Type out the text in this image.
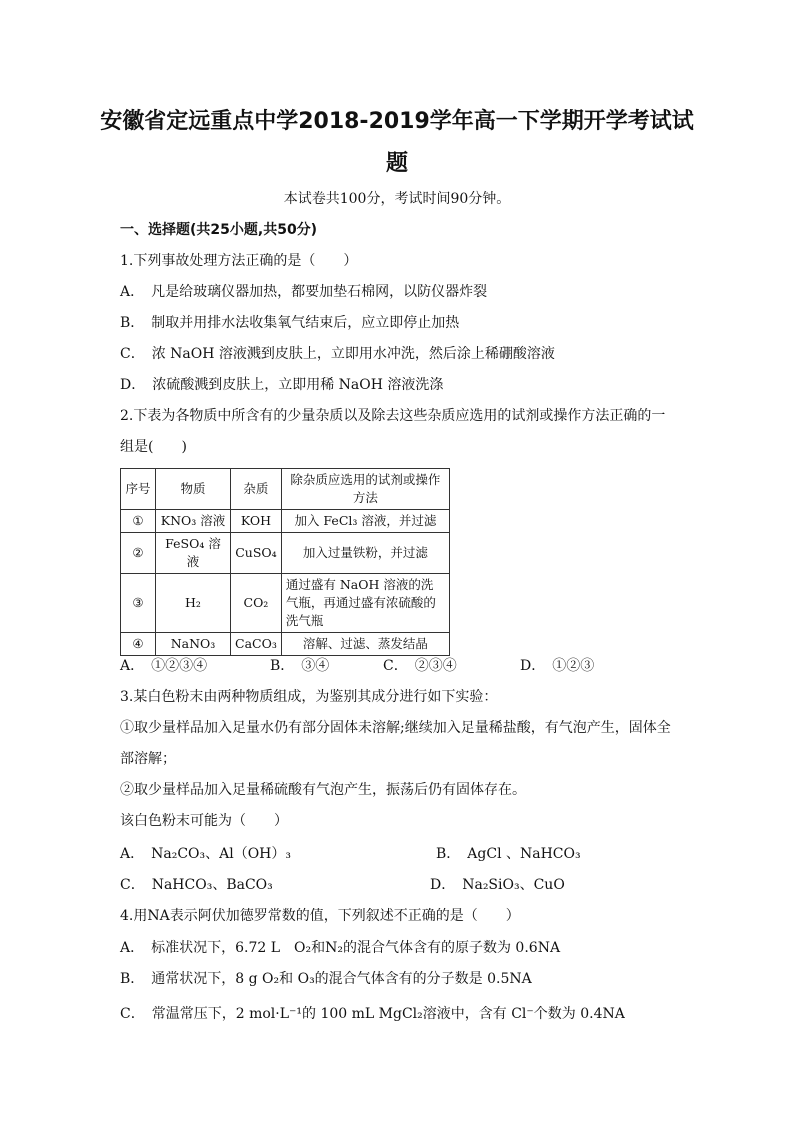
安徽省定远重点中学2018-2019学年高一下学期开学考试试
题
本试卷共100分，考试时间90分钟。
一、选择题(共25小题,共50分)
1.下列事故处理方法正确的是（　　）
A．　凡是给玻璃仪器加热，都要加垫石棉网，以防仪器炸裂
B．　制取并用排水法收集氧气结束后，应立即停止加热
C．　浓 NaOH 溶液溅到皮肤上，立即用水冲洗，然后涂上稀硼酸溶液
D．　浓硫酸溅到皮肤上，立即用稀 NaOH 溶液洗涤
2.下表为各物质中所含有的少量杂质以及除去这些杂质应选用的试剂或操作方法正确的一
组是(　　)
序号	物质	杂质	除杂质应选用的试剂或操作方法
①	KNO₃ 溶液	KOH	加入 FeCl₃ 溶液，并过滤
②	FeSO₄ 溶液	CuSO₄	加入过量铁粉，并过滤
③	H₂	CO₂	通过盛有 NaOH 溶液的洗气瓶，再通过盛有浓硫酸的洗气瓶
④	NaNO₃	CaCO₃	溶解、过滤、蒸发结晶
A．　①②③④	B．　③④	C．　②③④	D．　①②③
3.某白色粉末由两种物质组成，为鉴别其成分进行如下实验：
①取少量样品加入足量水仍有部分固体未溶解;继续加入足量稀盐酸，有气泡产生，固体全
部溶解；
②取少量样品加入足量稀硫酸有气泡产生，振荡后仍有固体存在。
该白色粉末可能为（　　）
A．　Na₂CO₃、Al（OH）₃	B．　AgCl 、NaHCO₃
C．　NaHCO₃、BaCO₃	D．　Na₂SiO₃、CuO
4.用NA表示阿伏加德罗常数的值，下列叙述不正确的是（　　）
A．　标准状况下，6.72 L　O₂和N₂的混合气体含有的原子数为 0.6NA
B．　通常状况下，8 g O₂和 O₃的混合气体含有的分子数是 0.5NA
C．　常温常压下，2 mol·L⁻¹的 100 mL MgCl₂溶液中，含有 Cl⁻个数为 0.4NA
